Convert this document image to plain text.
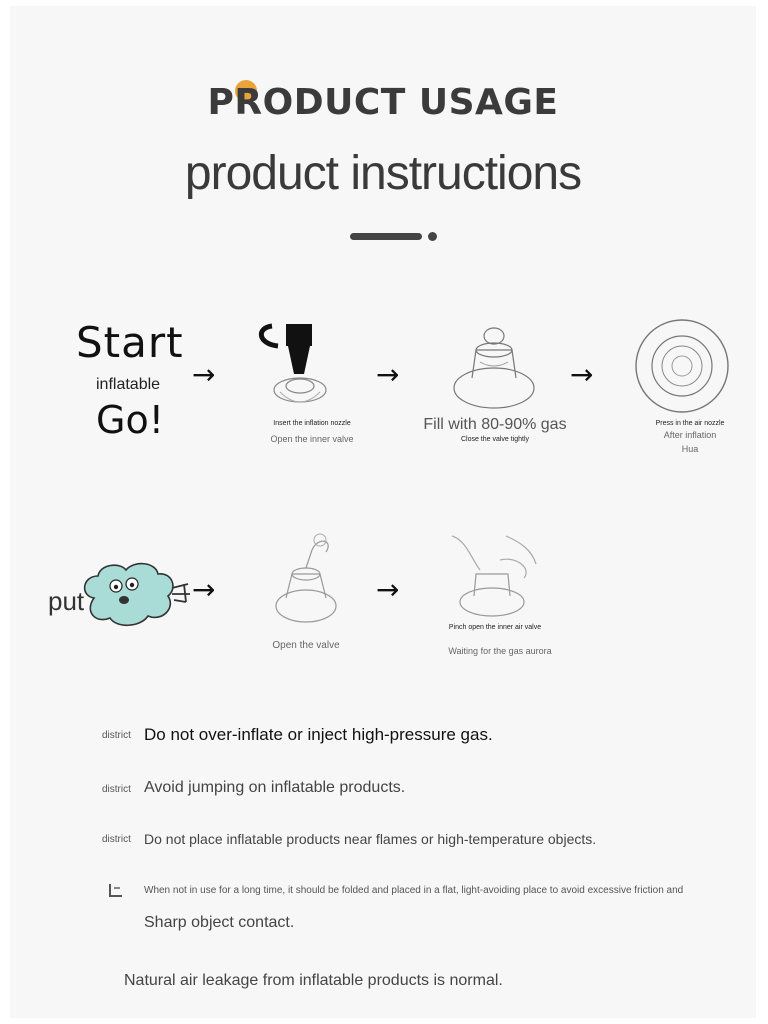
PRODUCT USAGE
product instructions
Start
inflatable
Go!
→
Insert the inflation nozzle
Open the inner valve
→
Fill with 80-90% gas
Close the valve tightly
→
Press in the air nozzle
After inflation
Hua
put	→
Open the valve
→
Pinch open the inner air valve
Waiting for the gas aurora
district Do not over-inflate or inject high-pressure gas.
district Avoid jumping on inflatable products.
district Do not place inflatable products near flames or high-temperature objects.
When not in use for a long time, it should be folded and placed in a flat, light-avoiding place to avoid excessive friction and
Sharp object contact.
Natural air leakage from inflatable products is normal.
